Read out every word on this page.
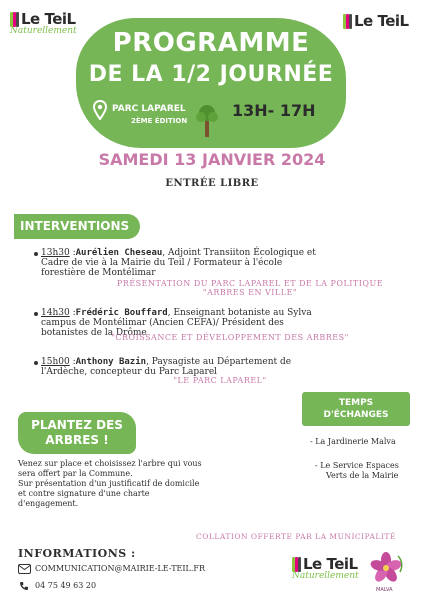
Le TeiL
Naturellement
Le TeiL
PROGRAMME
DE LA 1/2 JOURNÉE
PARC LAPAREL
2ÈME ÉDITION
13H- 17H
SAMEDI 13 JANVIER 2024
ENTRÉE LIBRE
INTERVENTIONS
13h30 :Aurélien Cheseau, Adjoint Transiiton Écologique et
Cadre de vie à la Mairie du Teil / Formateur à l'école
forestière de Montélimar
PRÉSENTATION DU PARC LAPAREL ET DE LA POLITIQUE
"ARBRES EN VILLE"
14h30 :Frédéric Bouffard, Enseignant botaniste au Sylva
campus de Montélimar (Ancien CEFA)/ Président des
botanistes de la Drôme
"CROISSANCE ET DÉVELOPPEMENT DES ARBRES"
15h00 :Anthony Bazin, Paysagiste au Département de
l'Ardèche, concepteur du Parc Laparel
"LE PARC LAPAREL"
TEMPS
D'ÉCHANGES
- La Jardinerie Malva
- Le Service Espaces
Verts de la Mairie
PLANTEZ DES
ARBRES !
Venez sur place et choisissez l'arbre qui vous
sera offert par la Commune.
Sur présentation d'un justificatif de domicile
et contre signature d'une charte
d'engagement.
COLLATION OFFERTE PAR LA MUNICIPALITÉ
INFORMATIONS :
COMMUNICATION@MAIRIE-LE-TEIL.FR
04 75 49 63 20
Le TeiL
Naturellement
MALVA
